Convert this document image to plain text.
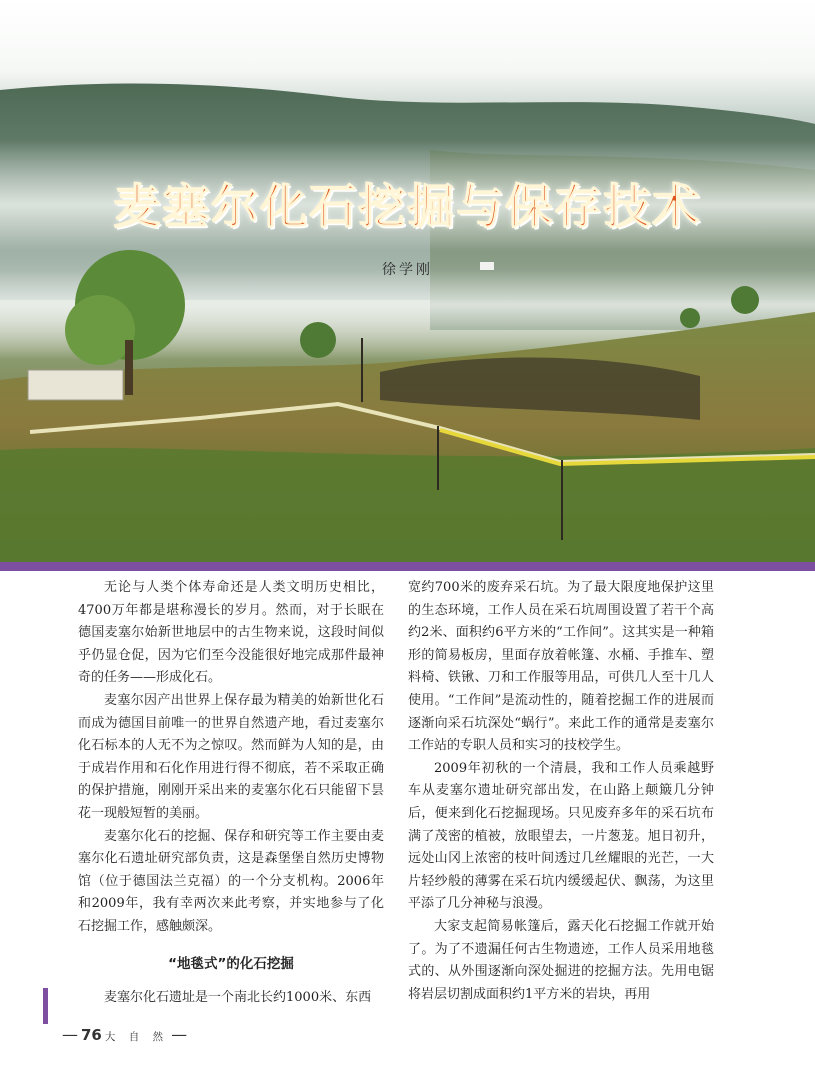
麦塞尔化石挖掘与保存技术
徐学刚

无论与人类个体寿命还是人类文明历史相比，4700万年都是堪称漫长的岁月。然而，对于长眠在德国麦塞尔始新世地层中的古生物来说，这段时间似乎仍显仓促，因为它们至今没能很好地完成那件最神奇的任务——形成化石。

麦塞尔因产出世界上保存最为精美的始新世化石而成为德国目前唯一的世界自然遗产地，看过麦塞尔化石标本的人无不为之惊叹。然而鲜为人知的是，由于成岩作用和石化作用进行得不彻底，若不采取正确的保护措施，刚刚开采出来的麦塞尔化石只能留下昙花一现般短暂的美丽。

麦塞尔化石的挖掘、保存和研究等工作主要由麦塞尔化石遗址研究部负责，这是森堡堡自然历史博物馆（位于德国法兰克福）的一个分支机构。2006年和2009年，我有幸两次来此考察，并实地参与了化石挖掘工作，感触颇深。

“地毯式”的化石挖掘

麦塞尔化石遗址是一个南北长约1000米、东西

宽约700米的废弃采石坑。为了最大限度地保护这里的生态环境，工作人员在采石坑周围设置了若干个高约2米、面积约6平方米的“工作间”。这其实是一种箱形的简易板房，里面存放着帐篷、水桶、手推车、塑料椅、铁锹、刀和工作服等用品，可供几人至十几人使用。“工作间”是流动性的，随着挖掘工作的进展而逐渐向采石坑深处“蜗行”。来此工作的通常是麦塞尔工作站的专职人员和实习的技校学生。

2009年初秋的一个清晨，我和工作人员乘越野车从麦塞尔遗址研究部出发，在山路上颠簸几分钟后，便来到化石挖掘现场。只见废弃多年的采石坑布满了茂密的植被，放眼望去，一片葱茏。旭日初升，远处山冈上浓密的枝叶间透过几丝耀眼的光芒，一大片轻纱般的薄雾在采石坑内缓缓起伏、飘荡，为这里平添了几分神秘与浪漫。

大家支起简易帐篷后，露天化石挖掘工作就开始了。为了不遗漏任何古生物遗迹，工作人员采用地毯式的、从外围逐渐向深处掘进的挖掘方法。先用电锯将岩层切割成面积约1平方米的岩块，再用

— 76 大 自 然 —
